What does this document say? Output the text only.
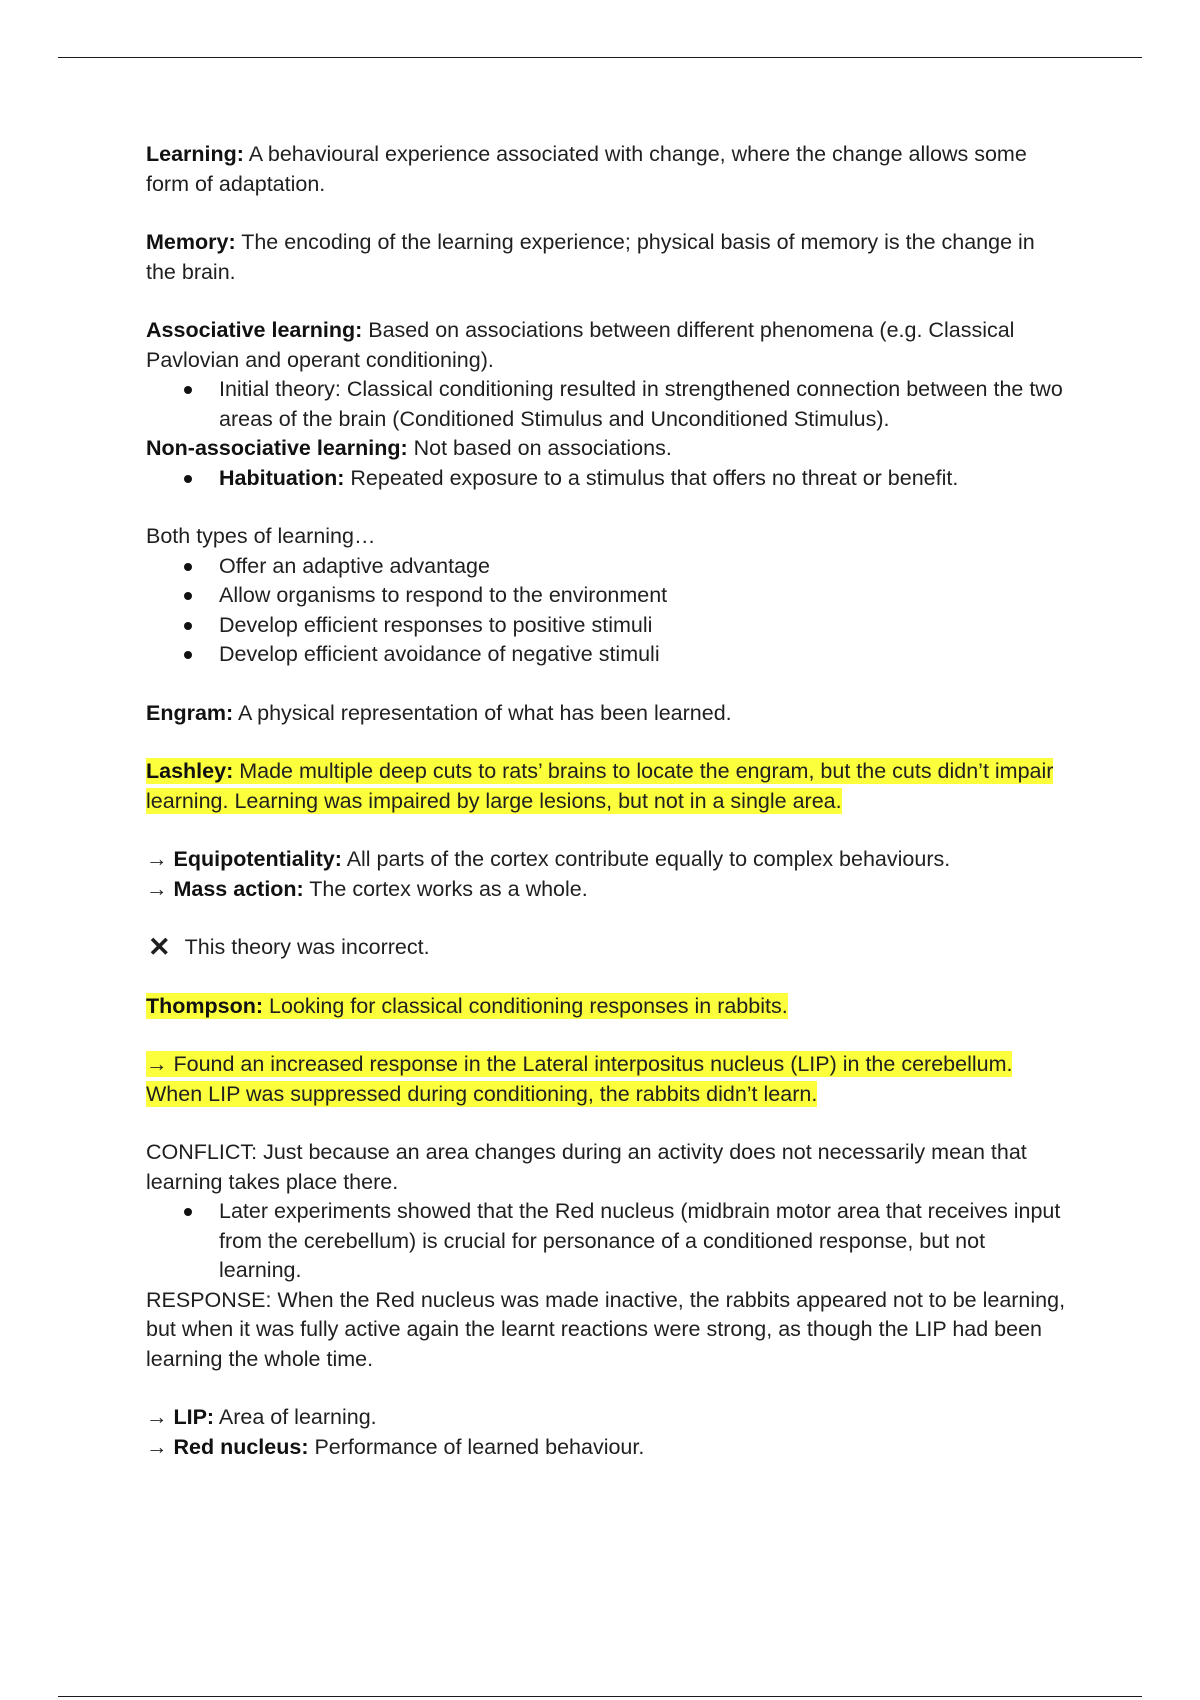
Learning: A behavioural experience associated with change, where the change allows some form of adaptation.

Memory: The encoding of the learning experience; physical basis of memory is the change in the brain.

Associative learning: Based on associations between different phenomena (e.g. Classical Pavlovian and operant conditioning).

Initial theory: Classical conditioning resulted in strengthened connection between the two areas of the brain (Conditioned Stimulus and Unconditioned Stimulus).

Non-associative learning: Not based on associations.

Habituation: Repeated exposure to a stimulus that offers no threat or benefit.

Both types of learning…

Offer an adaptive advantage
Allow organisms to respond to the environment
Develop efficient responses to positive stimuli
Develop efficient avoidance of negative stimuli

Engram: A physical representation of what has been learned.

Lashley: Made multiple deep cuts to rats’ brains to locate the engram, but the cuts didn’t impair learning. Learning was impaired by large lesions, but not in a single area.

→ Equipotentiality: All parts of the cortex contribute equally to complex behaviours.

→ Mass action: The cortex works as a whole.

✕ This theory was incorrect.

Thompson: Looking for classical conditioning responses in rabbits.

→ Found an increased response in the Lateral interpositus nucleus (LIP) in the cerebellum. When LIP was suppressed during conditioning, the rabbits didn’t learn.

CONFLICT: Just because an area changes during an activity does not necessarily mean that learning takes place there.

Later experiments showed that the Red nucleus (midbrain motor area that receives input from the cerebellum) is crucial for personance of a conditioned response, but not learning.

RESPONSE: When the Red nucleus was made inactive, the rabbits appeared not to be learning, but when it was fully active again the learnt reactions were strong, as though the LIP had been learning the whole time.

→ LIP: Area of learning.

→ Red nucleus: Performance of learned behaviour.
